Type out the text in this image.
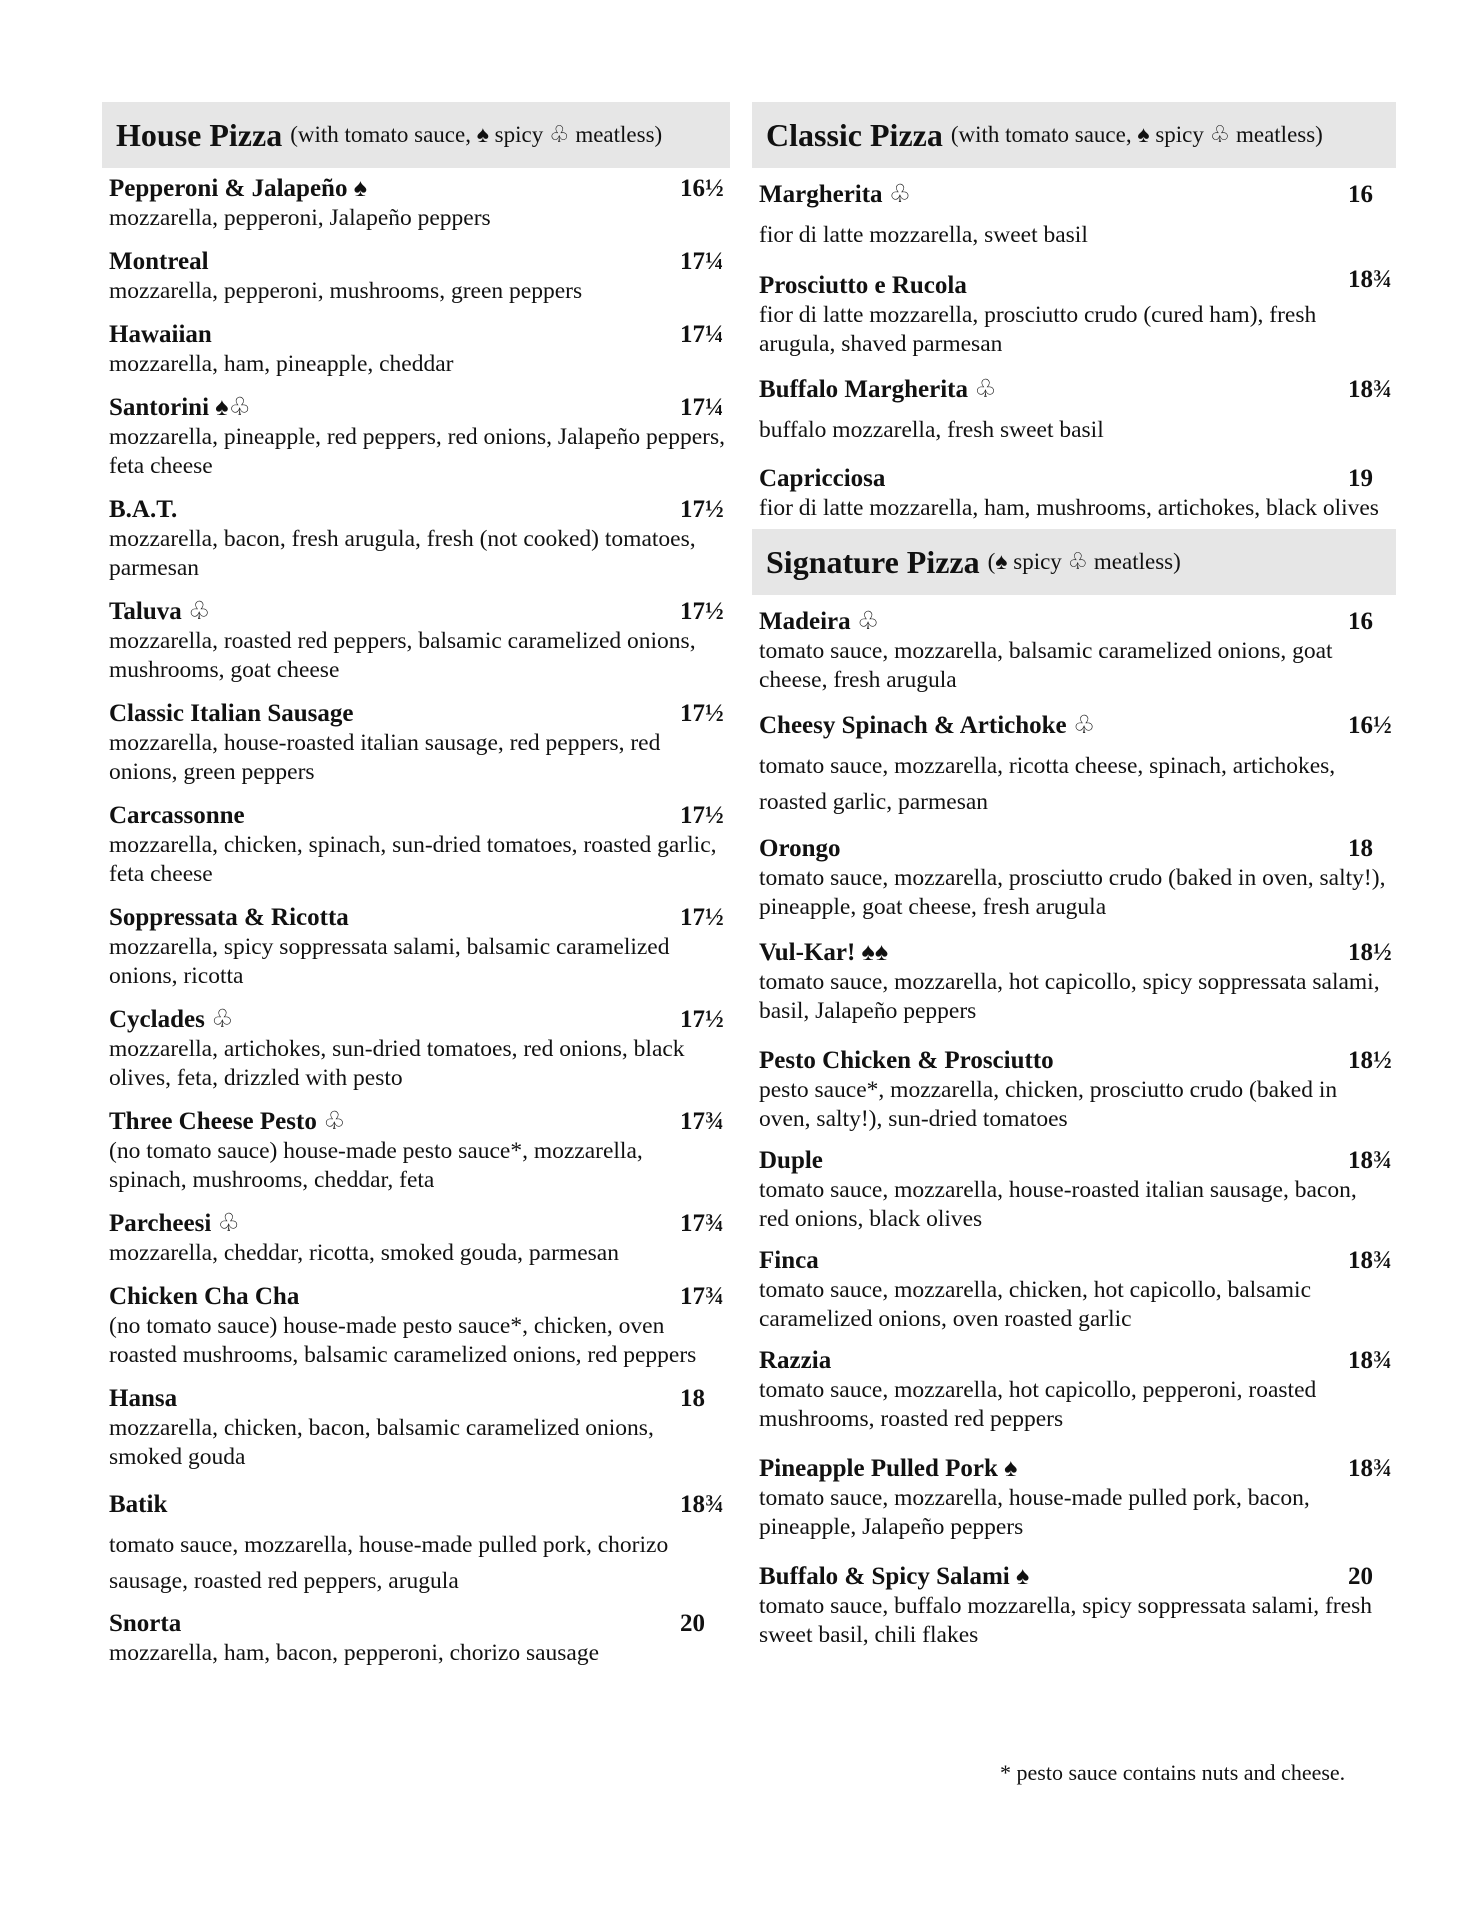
House Pizza (with tomato sauce, ♠ spicy ♧ meatless)
Pepperoni & Jalapeño ♠
mozzarella, pepperoni, Jalapeño peppers
16½
Montreal
mozzarella, pepperoni, mushrooms, green peppers
17¼
Hawaiian
mozzarella, ham, pineapple, cheddar
17¼
Santorini ♠♧
mozzarella, pineapple, red peppers, red onions, Jalapeño peppers, feta cheese
17¼
B.A.T.
mozzarella, bacon, fresh arugula, fresh (not cooked) tomatoes, parmesan
17½
Taluva ♧
mozzarella, roasted red peppers, balsamic caramelized onions, mushrooms, goat cheese
17½
Classic Italian Sausage
mozzarella, house-roasted italian sausage, red peppers, red onions, green peppers
17½
Carcassonne
mozzarella, chicken, spinach, sun-dried tomatoes, roasted garlic, feta cheese
17½
Soppressata & Ricotta
mozzarella, spicy soppressata salami, balsamic caramelized onions, ricotta
17½
Cyclades ♧
mozzarella, artichokes, sun-dried tomatoes, red onions, black olives, feta, drizzled with pesto
17½
Three Cheese Pesto ♧
(no tomato sauce) house-made pesto sauce*, mozzarella, spinach, mushrooms, cheddar, feta
17¾
Parcheesi ♧
mozzarella, cheddar, ricotta, smoked gouda, parmesan
17¾
Chicken Cha Cha
(no tomato sauce) house-made pesto sauce*, chicken, oven roasted mushrooms, balsamic caramelized onions, red peppers
17¾
Hansa
mozzarella, chicken, bacon, balsamic caramelized onions, smoked gouda
18
Batik
tomato sauce, mozzarella, house-made pulled pork, chorizo sausage, roasted red peppers, arugula
18¾
Snorta
mozzarella, ham, bacon, pepperoni, chorizo sausage
20
Classic Pizza (with tomato sauce, ♠ spicy ♧ meatless)
Margherita ♧
fior di latte mozzarella, sweet basil
16
Prosciutto e Rucola
fior di latte mozzarella, prosciutto crudo (cured ham), fresh arugula, shaved parmesan
18¾
Buffalo Margherita ♧
buffalo mozzarella, fresh sweet basil
18¾
Capricciosa
fior di latte mozzarella, ham, mushrooms, artichokes, black olives
19
Signature Pizza (♠ spicy ♧ meatless)
Madeira ♧
tomato sauce, mozzarella, balsamic caramelized onions, goat cheese, fresh arugula
16
Cheesy Spinach & Artichoke ♧
tomato sauce, mozzarella, ricotta cheese, spinach, artichokes, roasted garlic, parmesan
16½
Orongo
tomato sauce, mozzarella, prosciutto crudo (baked in oven, salty!), pineapple, goat cheese, fresh arugula
18
Vul-Kar! ♠♠
tomato sauce, mozzarella, hot capicollo, spicy soppressata salami, basil, Jalapeño peppers
18½
Pesto Chicken & Prosciutto
pesto sauce*, mozzarella, chicken, prosciutto crudo (baked in oven, salty!), sun-dried tomatoes
18½
Duple
tomato sauce, mozzarella, house-roasted italian sausage, bacon, red onions, black olives
18¾
Finca
tomato sauce, mozzarella, chicken, hot capicollo, balsamic caramelized onions, oven roasted garlic
18¾
Razzia
tomato sauce, mozzarella, hot capicollo, pepperoni, roasted mushrooms, roasted red peppers
18¾
Pineapple Pulled Pork ♠
tomato sauce, mozzarella, house-made pulled pork, bacon, pineapple, Jalapeño peppers
18¾
Buffalo & Spicy Salami ♠
tomato sauce, buffalo mozzarella, spicy soppressata salami, fresh sweet basil, chili flakes
20
* pesto sauce contains nuts and cheese.
